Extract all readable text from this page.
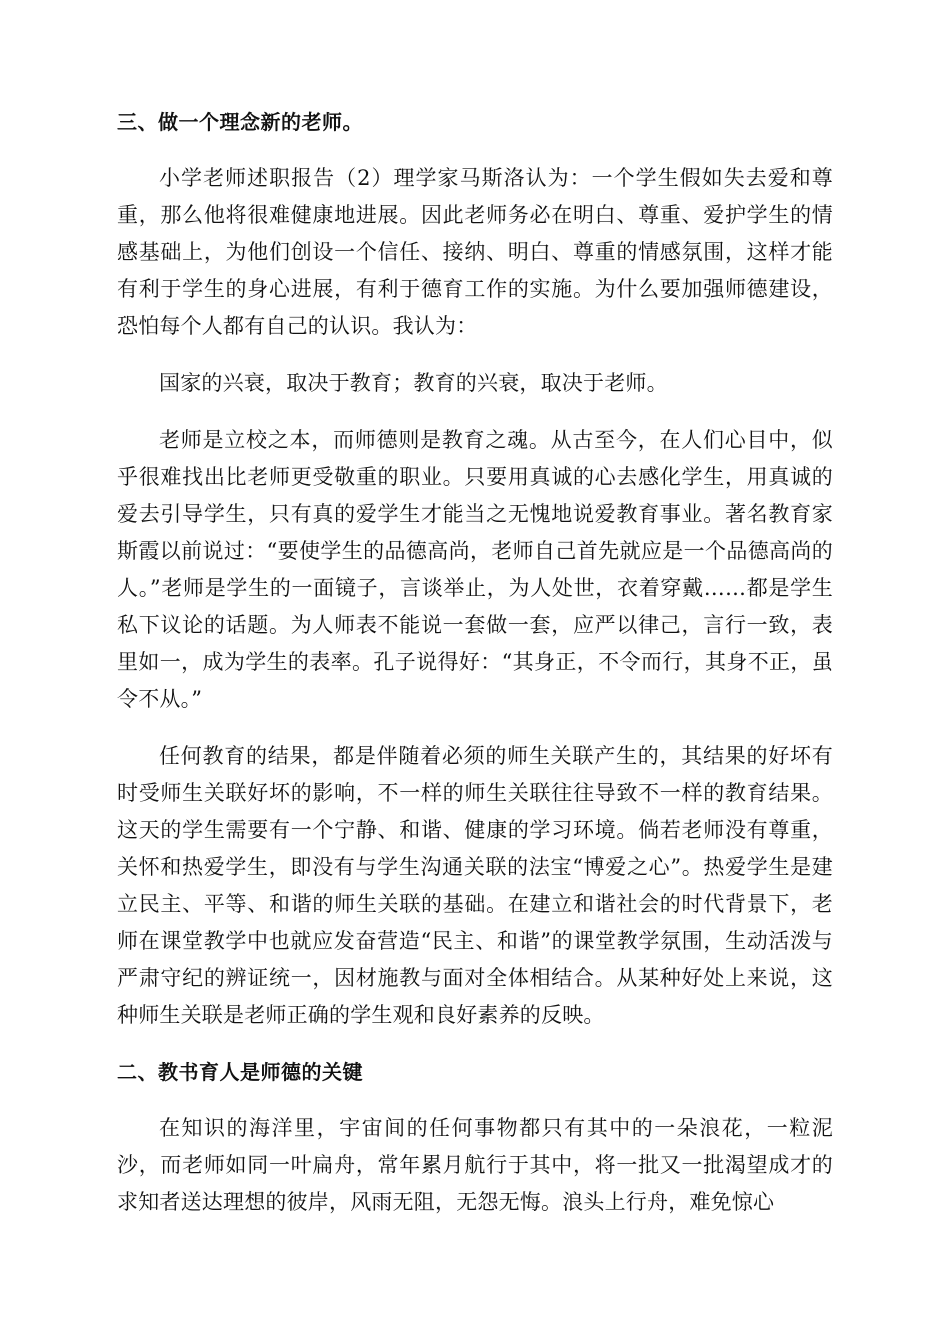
三、做一个理念新的老师。

小学老师述职报告（2）理学家马斯洛认为：一个学生假如失去爱和尊重，那么他将很难健康地进展。因此老师务必在明白、尊重、爱护学生的情感基础上，为他们创设一个信任、接纳、明白、尊重的情感氛围，这样才能有利于学生的身心进展，有利于德育工作的实施。为什么要加强师德建设，恐怕每个人都有自己的认识。我认为：

国家的兴衰，取决于教育；教育的兴衰，取决于老师。

老师是立校之本，而师德则是教育之魂。从古至今，在人们心目中，似乎很难找出比老师更受敬重的职业。只要用真诚的心去感化学生，用真诚的爱去引导学生，只有真的爱学生才能当之无愧地说爱教育事业。著名教育家斯霞以前说过：“要使学生的品德高尚，老师自己首先就应是一个品德高尚的人。”老师是学生的一面镜子，言谈举止，为人处世，衣着穿戴……都是学生私下议论的话题。为人师表不能说一套做一套，应严以律己，言行一致，表里如一，成为学生的表率。孔子说得好：“其身正，不令而行，其身不正，虽令不从。”

任何教育的结果，都是伴随着必须的师生关联产生的，其结果的好坏有时受师生关联好坏的影响，不一样的师生关联往往导致不一样的教育结果。这天的学生需要有一个宁静、和谐、健康的学习环境。倘若老师没有尊重，关怀和热爱学生，即没有与学生沟通关联的法宝“博爱之心”。热爱学生是建立民主、平等、和谐的师生关联的基础。在建立和谐社会的时代背景下，老师在课堂教学中也就应发奋营造“民主、和谐”的课堂教学氛围，生动活泼与严肃守纪的辨证统一，因材施教与面对全体相结合。从某种好处上来说，这种师生关联是老师正确的学生观和良好素养的反映。

二、教书育人是师德的关键

在知识的海洋里，宇宙间的任何事物都只有其中的一朵浪花，一粒泥沙，而老师如同一叶扁舟，常年累月航行于其中，将一批又一批渴望成才的求知者送达理想的彼岸，风雨无阻，无怨无悔。浪头上行舟，难免惊心
